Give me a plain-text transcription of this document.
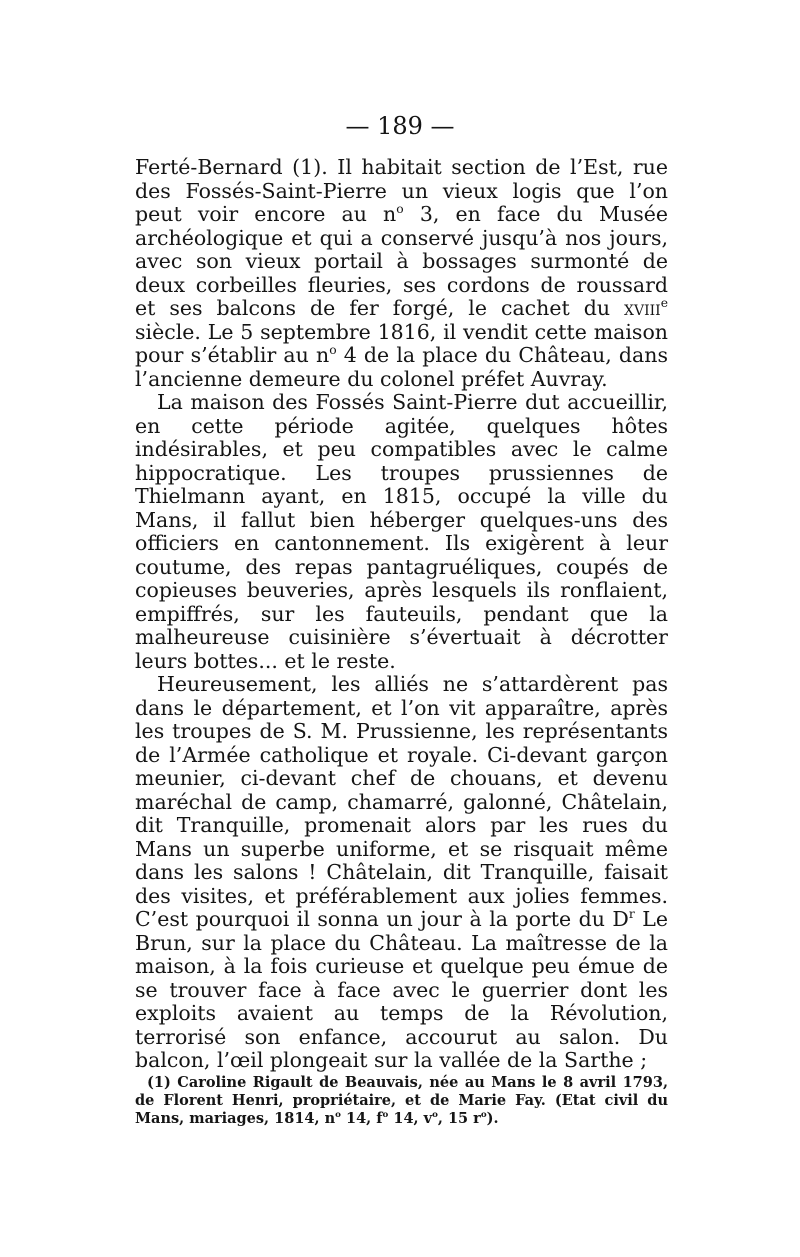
— 189 —

Ferté-Bernard (1). Il habitait section de l’Est, rue des Fossés-Saint-Pierre un vieux logis que l’on peut voir encore au $n^o$ 3, en face du Musée archéologique et qui a conservé jusqu’à nos jours, avec son vieux portail à bossages surmonté de deux corbeilles fleuries, ses cordons de roussard et ses balcons de fer forgé, le cachet du xviii$^e$ siècle. Le 5 septembre 1816, il vendit cette maison pour s’établir au $n^o$ 4 de la place du Château, dans l’ancienne demeure du colonel préfet Auvray.

La maison des Fossés Saint-Pierre dut accueillir, en cette période agitée, quelques hôtes indésirables, et peu compatibles avec le calme hippocratique. Les troupes prussiennes de Thielmann ayant, en 1815, occupé la ville du Mans, il fallut bien héberger quelques-uns des officiers en cantonnement. Ils exigèrent à leur coutume, des repas pantagruéliques, coupés de copieuses beuveries, après lesquels ils ronflaient, empiffrés, sur les fauteuils, pendant que la malheureuse cuisinière s’évertuait à décrotter leurs bottes... et le reste.

Heureusement, les alliés ne s’attardèrent pas dans le département, et l’on vit apparaître, après les troupes de S. M. Prussienne, les représentants de l’Armée catholique et royale. Ci-devant garçon meunier, ci-devant chef de chouans, et devenu maréchal de camp, chamarré, galonné, Châtelain, dit Tranquille, promenait alors par les rues du Mans un superbe uniforme, et se risquait même dans les salons ! Châtelain, dit Tranquille, faisait des visites, et préférablement aux jolies femmes. C’est pourquoi il sonna un jour à la porte du $D^r$ Le Brun, sur la place du Château. La maîtresse de la maison, à la fois curieuse et quelque peu émue de se trouver face à face avec le guerrier dont les exploits avaient au temps de la Révolution, terrorisé son enfance, accourut au salon. Du balcon, l’œil plongeait sur la vallée de la Sarthe ;

(1) Caroline Rigault de Beauvais, née au Mans le 8 avril 1793, de Florent Henri, propriétaire, et de Marie Fay. (Etat civil du Mans, mariages, 1814, $n^o$ 14, $f^o$ 14, $v^o$, 15 $r^o$).
